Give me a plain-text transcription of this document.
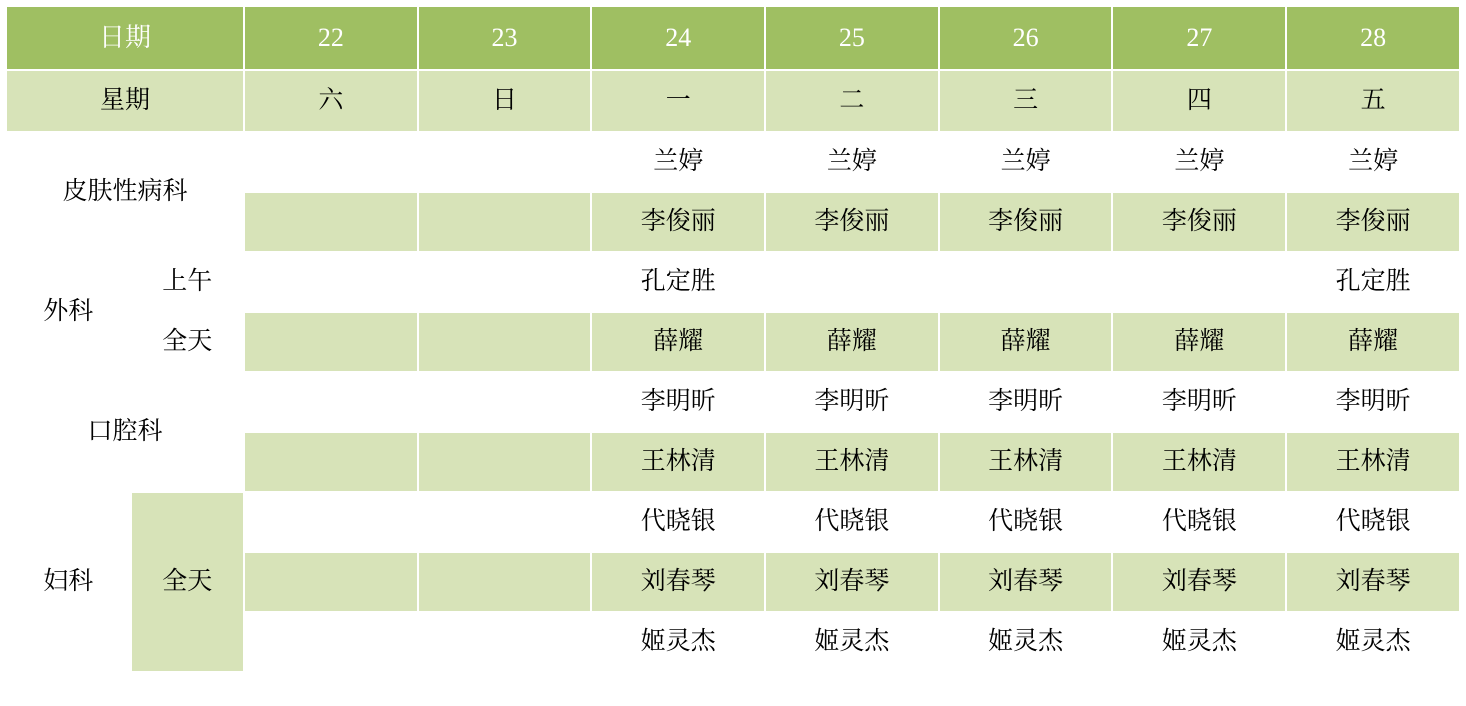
日期		22	23	24	25	26	27	28
星期		六	日	一	二	三	四	五
皮肤性病科				兰婷	兰婷	兰婷	兰婷	兰婷
				李俊丽	李俊丽	李俊丽	李俊丽	李俊丽
外科	上午			孔定胜				孔定胜
	全天			薛耀	薛耀	薛耀	薛耀	薛耀
口腔科				李明昕	李明昕	李明昕	李明昕	李明昕
				王林清	王林清	王林清	王林清	王林清
妇科	全天			代晓银	代晓银	代晓银	代晓银	代晓银
				刘春琴	刘春琴	刘春琴	刘春琴	刘春琴
				姬灵杰	姬灵杰	姬灵杰	姬灵杰	姬灵杰
